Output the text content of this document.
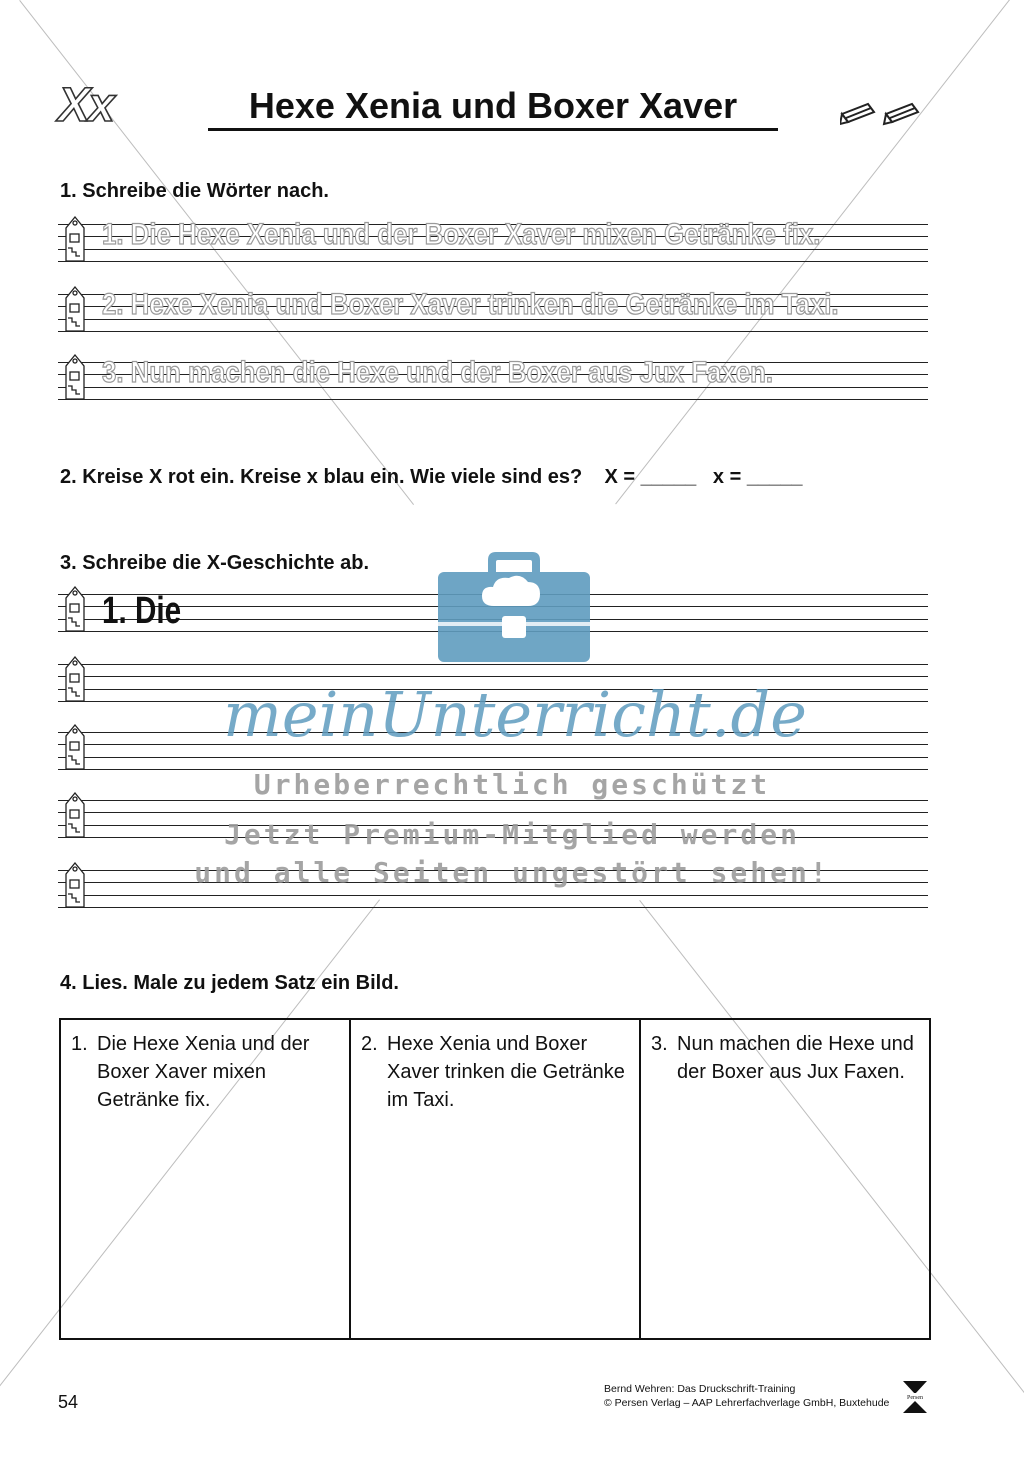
Xx	Hexe Xenia und Boxer Xaver
1. Schreibe die Wörter nach.
1. Die Hexe Xenia und der Boxer Xaver mixen Getränke fix.
2. Hexe Xenia und Boxer Xaver trinken die Getränke im Taxi.
3. Nun machen die Hexe und der Boxer aus Jux Faxen.
2. Kreise X rot ein. Kreise x blau ein. Wie viele sind es? X = _____ x = _____
3. Schreibe die X-Geschichte ab.
1. Die
meinUnterricht.de
Urheberrechtlich geschützt
Jetzt Premium-Mitglied werden
und alle Seiten ungestört sehen!
4. Lies. Male zu jedem Satz ein Bild.
1. Die Hexe Xenia und der Boxer Xaver mixen Getränke fix.
2. Hexe Xenia und Boxer Xaver trinken die Getränke im Taxi.
3. Nun machen die Hexe und der Boxer aus Jux Faxen.
54
Bernd Wehren: Das Druckschrift-Training
© Persen Verlag – AAP Lehrerfachverlage GmbH, Buxtehude	Persen
